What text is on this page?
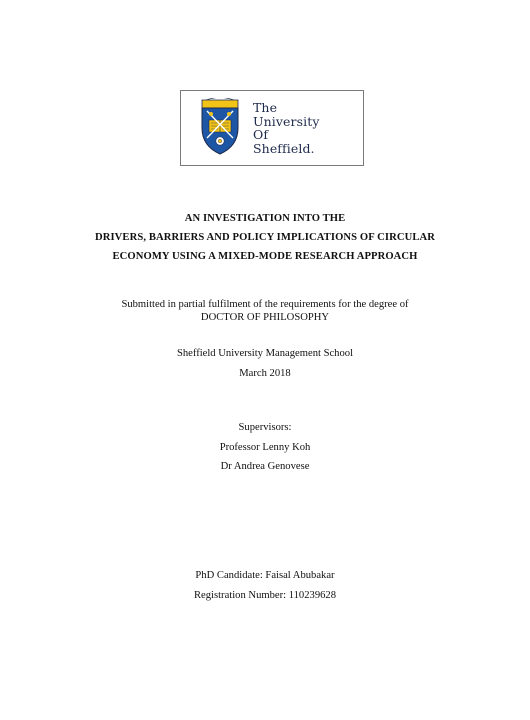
The
University
Of
Sheffield.
AN INVESTIGATION INTO THE
DRIVERS, BARRIERS AND POLICY IMPLICATIONS OF CIRCULAR
ECONOMY USING A MIXED-MODE RESEARCH APPROACH
Submitted in partial fulfilment of the requirements for the degree of
DOCTOR OF PHILOSOPHY
Sheffield University Management School
March 2018
Supervisors:
Professor Lenny Koh
Dr Andrea Genovese
PhD Candidate: Faisal Abubakar
Registration Number: 110239628
